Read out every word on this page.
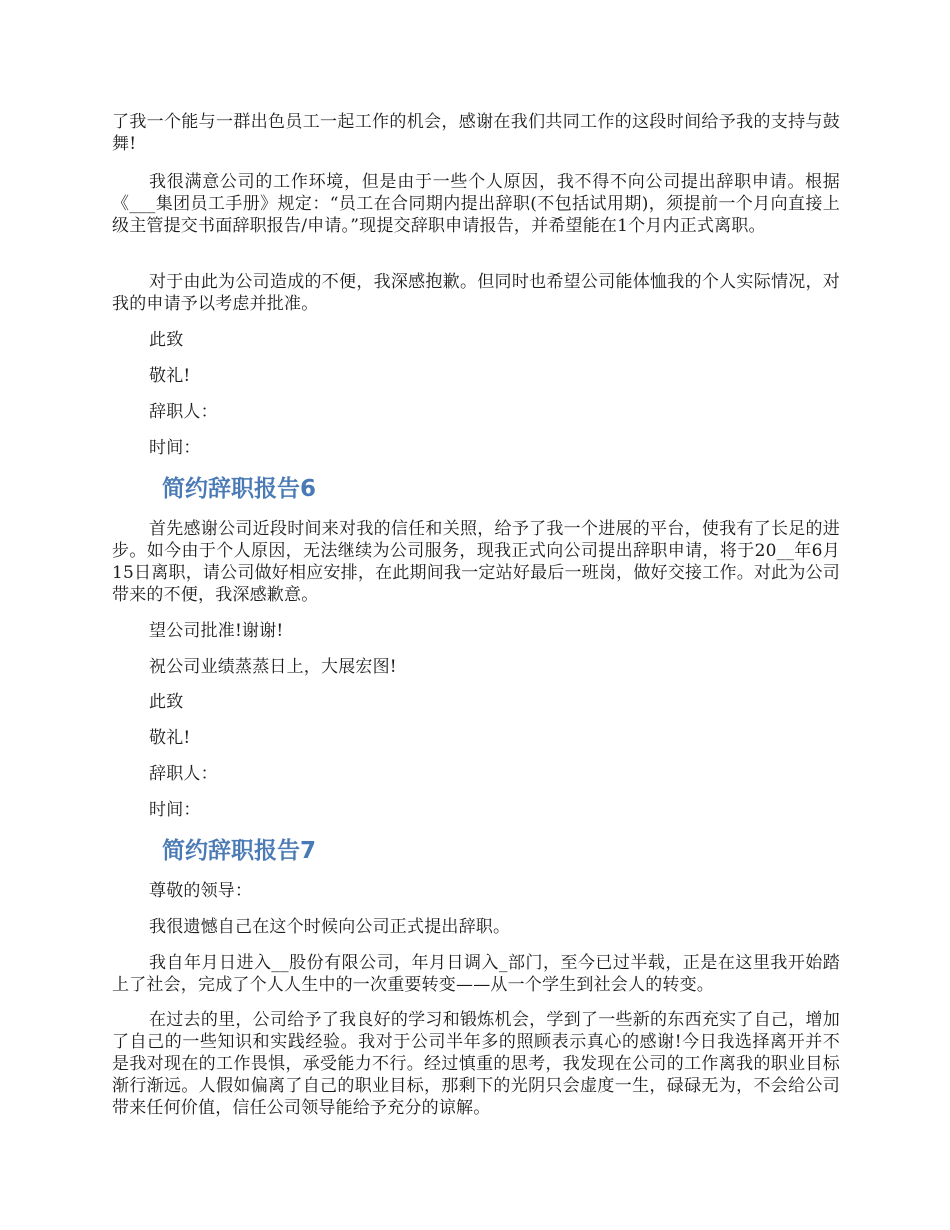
了我一个能与一群出色员工一起工作的机会，感谢在我们共同工作的这段时间给予我的支持与鼓舞!

我很满意公司的工作环境，但是由于一些个人原因，我不得不向公司提出辞职申请。根据《___集团员工手册》规定：“员工在合同期内提出辞职(不包括试用期)，须提前一个月向直接上级主管提交书面辞职报告/申请。”现提交辞职申请报告，并希望能在1个月内正式离职。

对于由此为公司造成的不便，我深感抱歉。但同时也希望公司能体恤我的个人实际情况，对我的申请予以考虑并批准。

此致

敬礼!

辞职人：

时间：

简约辞职报告6

首先感谢公司近段时间来对我的信任和关照，给予了我一个进展的平台，使我有了长足的进步。如今由于个人原因，无法继续为公司服务，现我正式向公司提出辞职申请，将于20__年6月15日离职，请公司做好相应安排，在此期间我一定站好最后一班岗，做好交接工作。对此为公司带来的不便，我深感歉意。

望公司批准!谢谢!

祝公司业绩蒸蒸日上，大展宏图!

此致

敬礼!

辞职人：

时间：

简约辞职报告7

尊敬的领导：

我很遗憾自己在这个时候向公司正式提出辞职。

我自年月日进入__股份有限公司，年月日调入_部门，至今已过半载，正是在这里我开始踏上了社会，完成了个人人生中的一次重要转变——从一个学生到社会人的转变。

在过去的里，公司给予了我良好的学习和锻炼机会，学到了一些新的东西充实了自己，增加了自己的一些知识和实践经验。我对于公司半年多的照顾表示真心的感谢!今日我选择离开并不是我对现在的工作畏惧，承受能力不行。经过慎重的思考，我发现在公司的工作离我的职业目标渐行渐远。人假如偏离了自己的职业目标，那剩下的光阴只会虚度一生，碌碌无为，不会给公司带来任何价值，信任公司领导能给予充分的谅解。
